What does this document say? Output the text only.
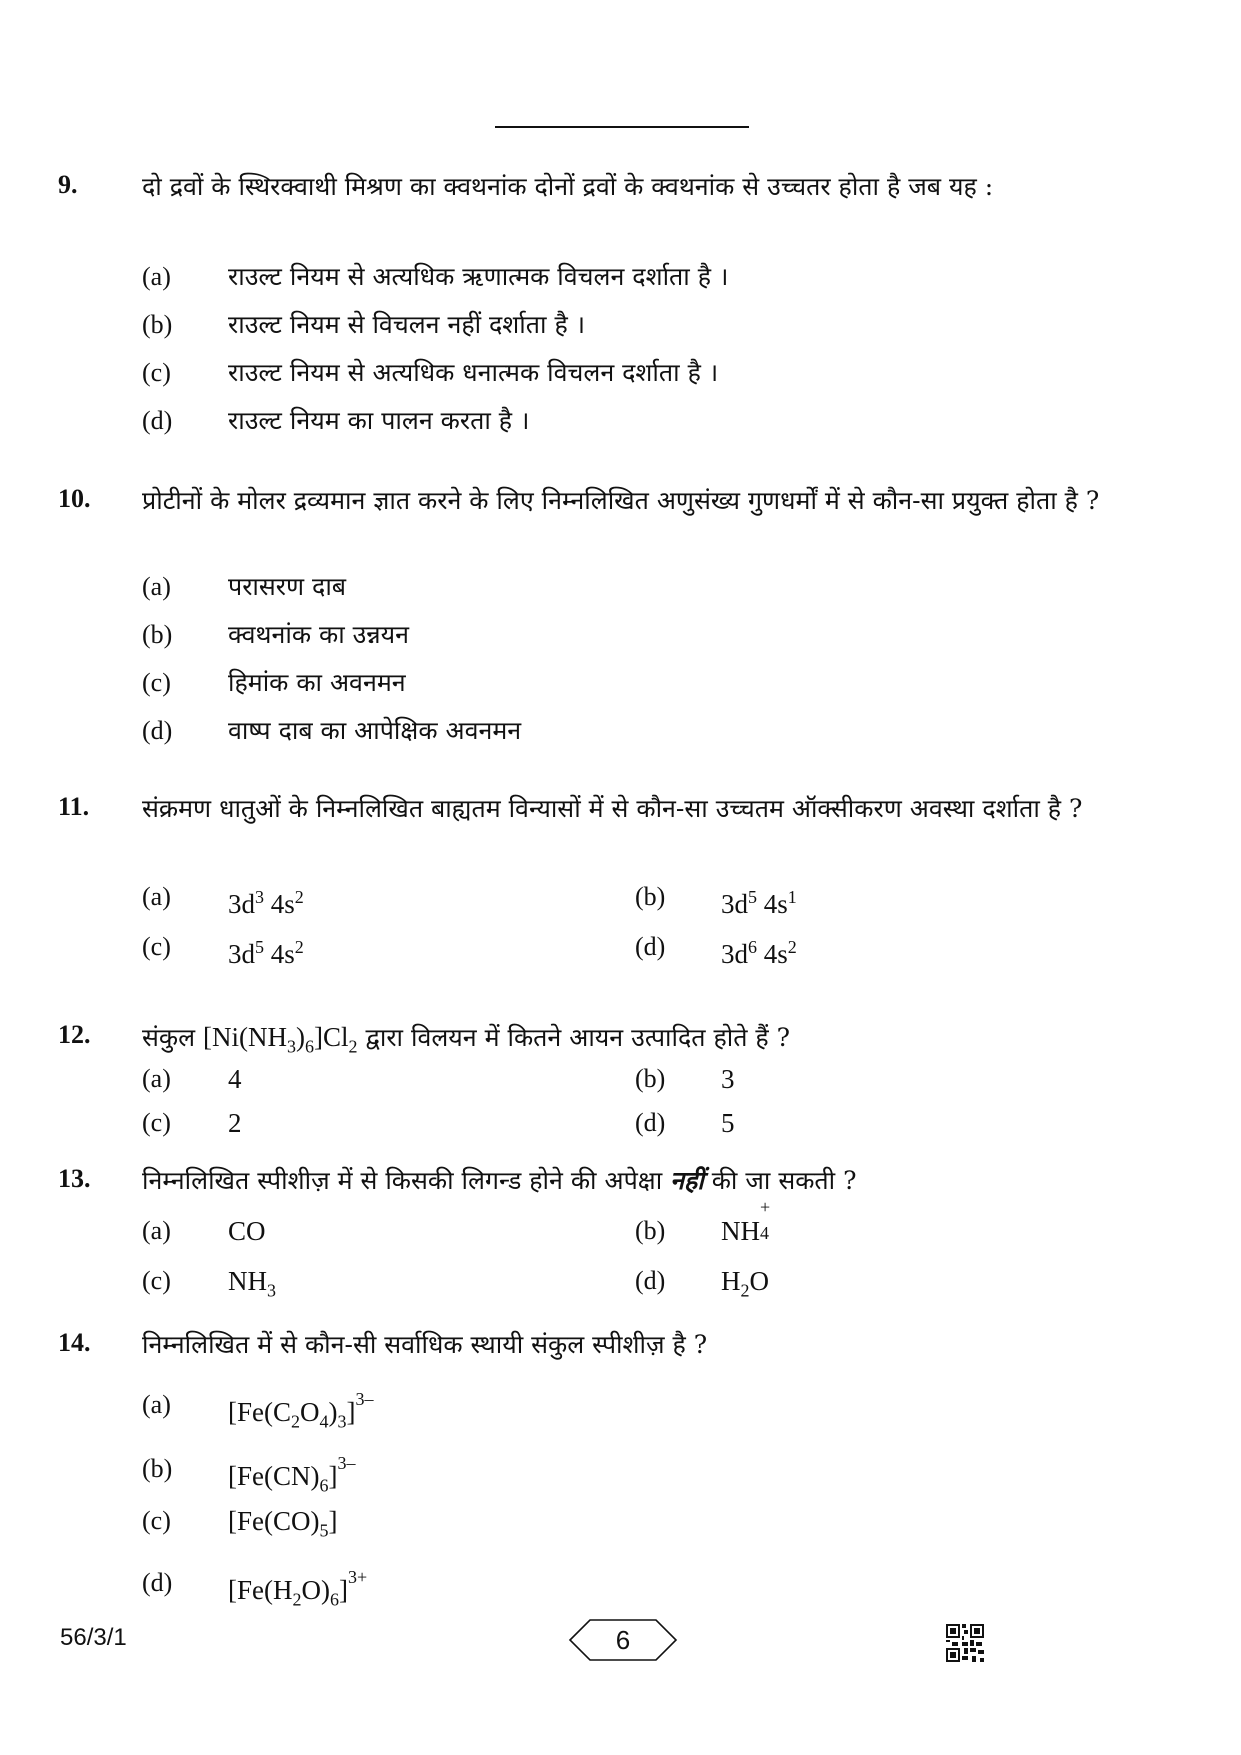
9.	दो द्रवों के स्थिरक्वाथी मिश्रण का क्वथनांक दोनों द्रवों के क्वथनांक से उच्चतर होता है जब यह :
(a) राउल्ट नियम से अत्यधिक ऋणात्मक विचलन दर्शाता है ।
(b) राउल्ट नियम से विचलन नहीं दर्शाता है ।
(c) राउल्ट नियम से अत्यधिक धनात्मक विचलन दर्शाता है ।
(d) राउल्ट नियम का पालन करता है ।
10. प्रोटीनों के मोलर द्रव्यमान ज्ञात करने के लिए निम्नलिखित अणुसंख्य गुणधर्मों में से कौन-सा प्रयुक्त होता है ?
(a) परासरण दाब
(b) क्वथनांक का उन्नयन
(c) हिमांक का अवनमन
(d) वाष्प दाब का आपेक्षिक अवनमन
11. संक्रमण धातुओं के निम्नलिखित बाह्यतम विन्यासों में से कौन-सा उच्चतम ऑक्सीकरण अवस्था दर्शाता है ?
(a) $3d^3$ $4s^2$	(b) $3d^5$ $4s^1$
(c) $3d^5$ $4s^2$	(d) $3d^6$ $4s^2$
12. संकुल $[Ni(NH_3)_6]Cl_2$ द्वारा विलयन में कितने आयन उत्पादित होते हैं ?
(a) 4	(b) 3
(c) 2	(d) 5
13. निम्नलिखित स्पीशीज़ में से किसकी लिगन्ड होने की अपेक्षा नहीं की जा सकती ?
(a) CO	(b) NH
+
4
(c) $NH_3$	(d) $H_2O$
14. निम्नलिखित में से कौन-सी सर्वाधिक स्थायी संकुल स्पीशीज़ है ?
(a) $[Fe(C_2O_4)_3]^{3-}$
(b) $[Fe(CN)_6]^{3-}$
(c) $[Fe(CO)_5]$
(d) $[Fe(H_2O)_6]^{3+}$
56/3/1	6
